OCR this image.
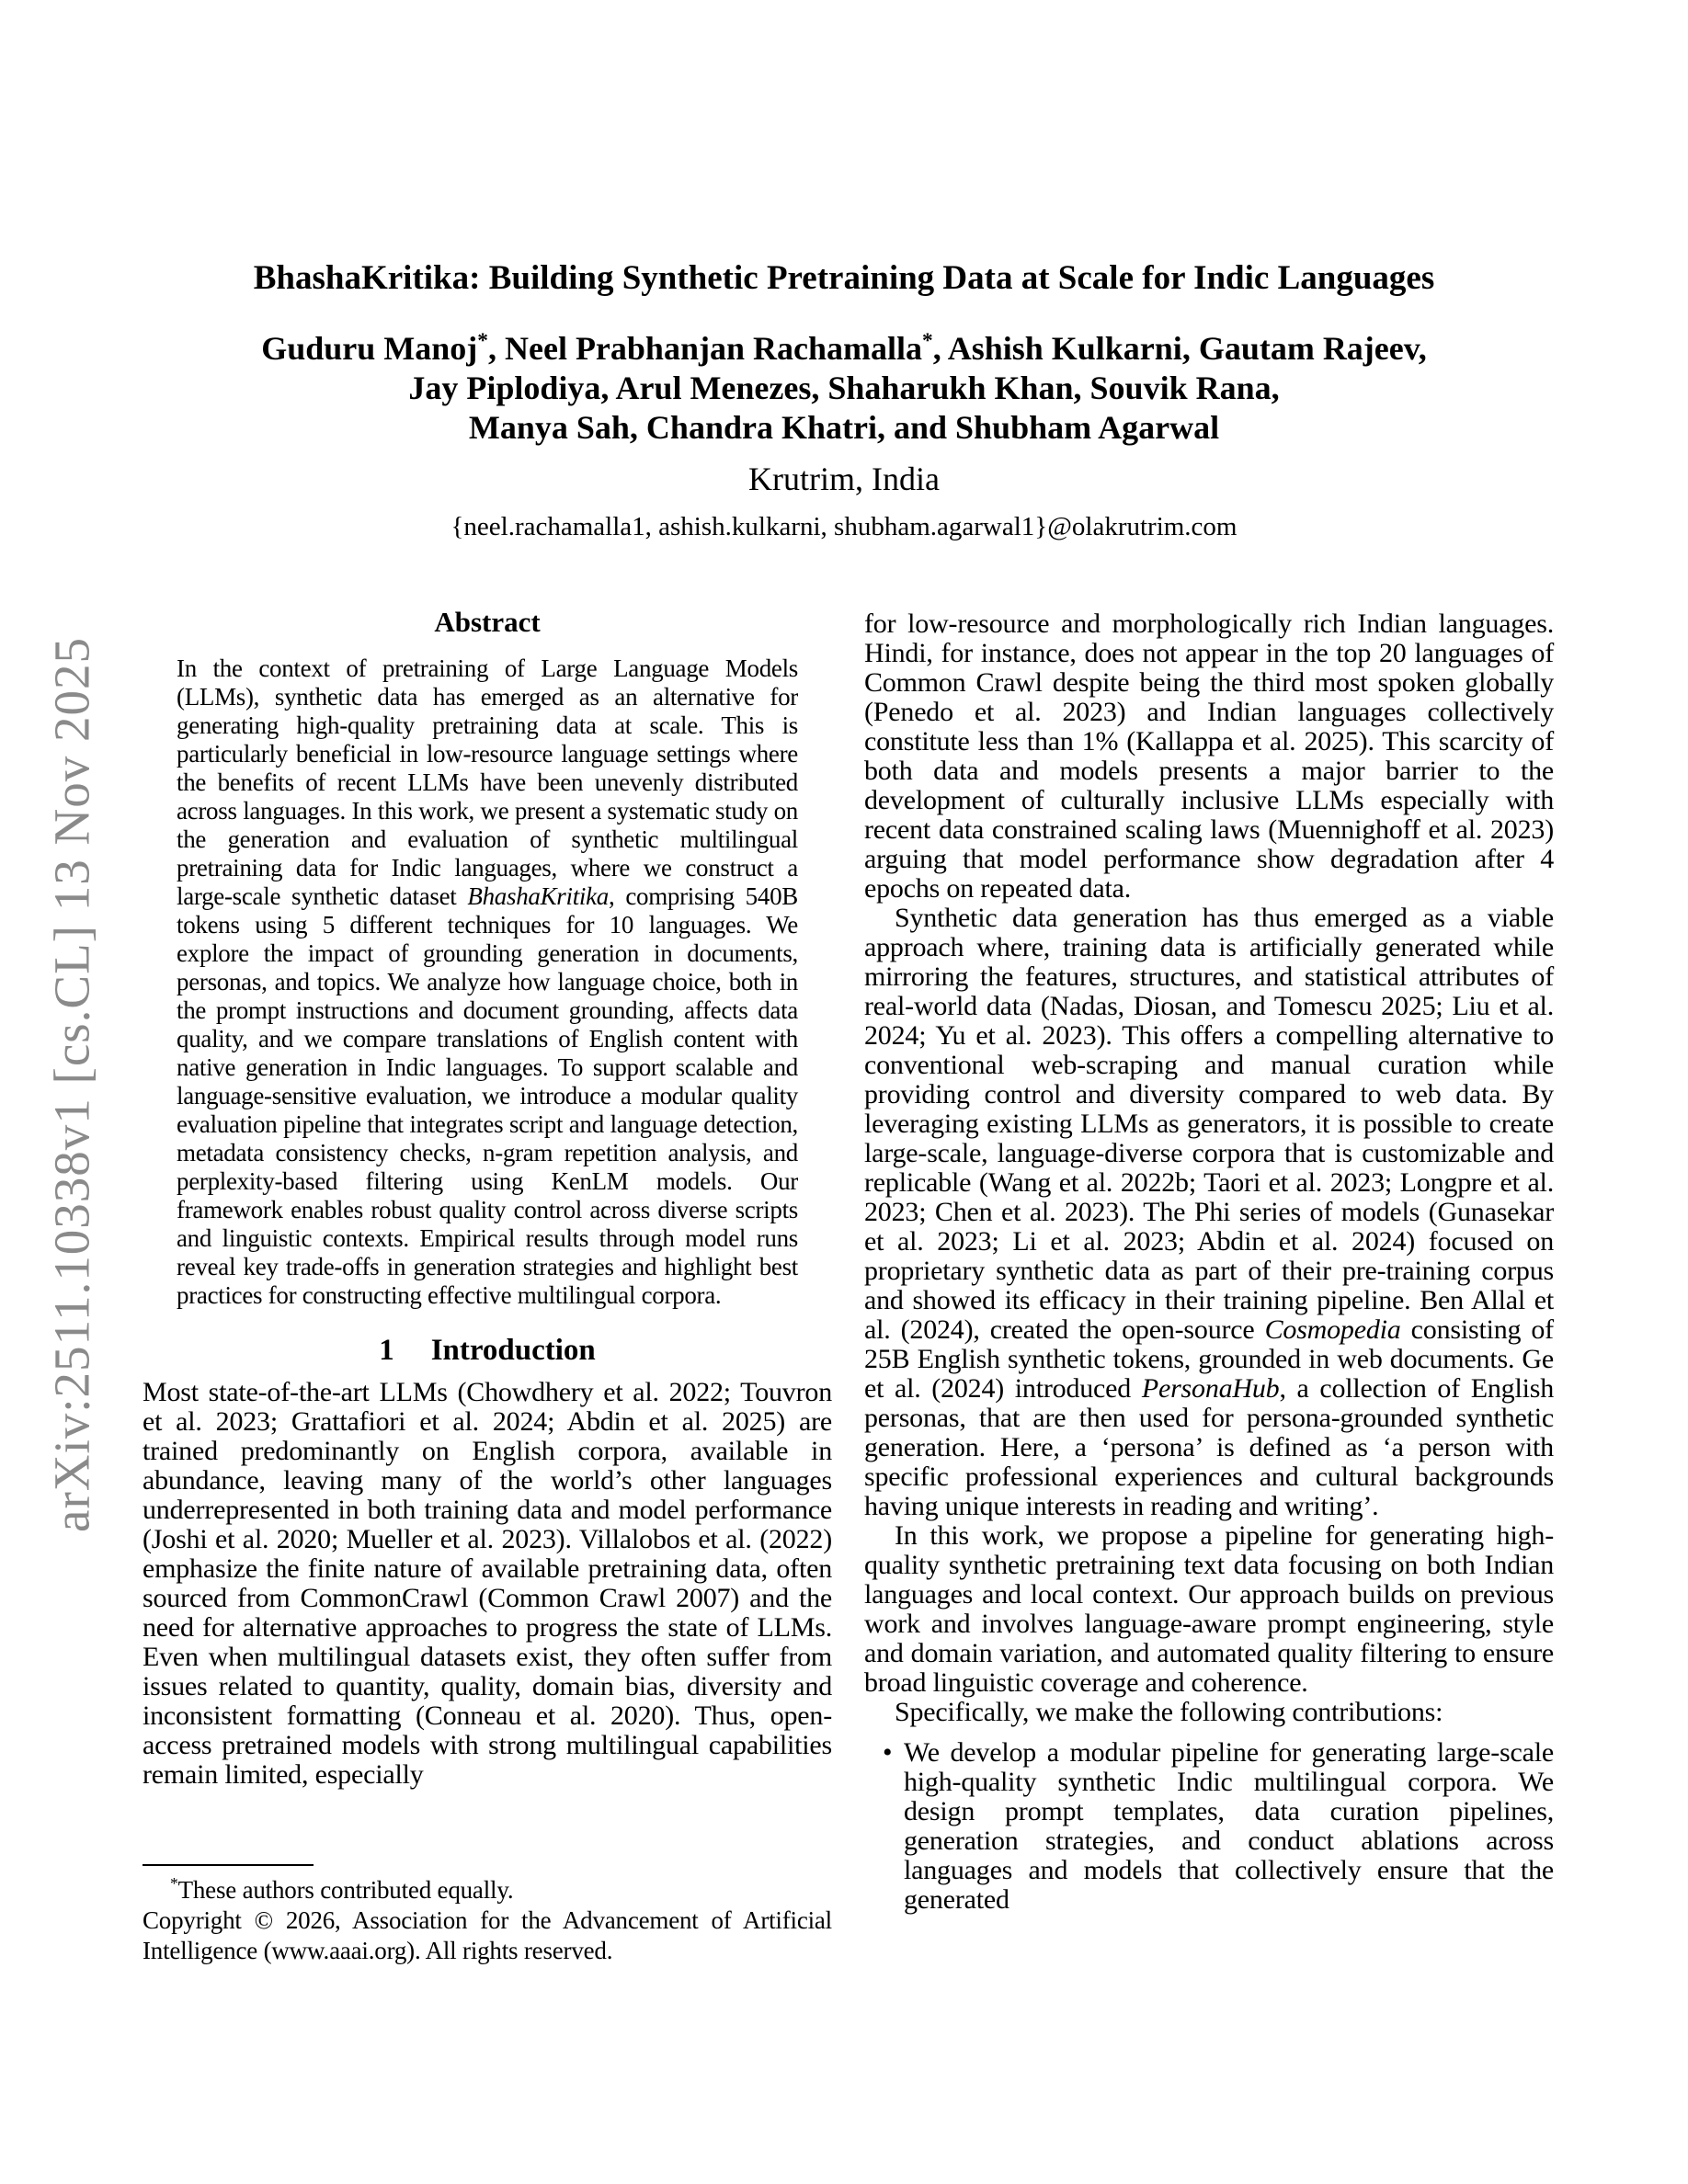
arXiv:2511.10338v1 [cs.CL] 13 Nov 2025
BhashaKritika: Building Synthetic Pretraining Data at Scale for Indic Languages
Guduru Manoj*, Neel Prabhanjan Rachamalla*, Ashish Kulkarni, Gautam Rajeev,
Jay Piplodiya, Arul Menezes, Shaharukh Khan, Souvik Rana,
Manya Sah, Chandra Khatri, and Shubham Agarwal
Krutrim, India
{neel.rachamalla1, ashish.kulkarni, shubham.agarwal1}@olakrutrim.com
Abstract

In the context of pretraining of Large Language Models (LLMs), synthetic data has emerged as an alternative for generating high-quality pretraining data at scale. This is particularly beneficial in low-resource language settings where the benefits of recent LLMs have been unevenly distributed across languages. In this work, we present a systematic study on the generation and evaluation of synthetic multilingual pretraining data for Indic languages, where we construct a large-scale synthetic dataset BhashaKritika, comprising 540B tokens using 5 different techniques for 10 languages. We explore the impact of grounding generation in documents, personas, and topics. We analyze how language choice, both in the prompt instructions and document grounding, affects data quality, and we compare translations of English content with native generation in Indic languages. To support scalable and language-sensitive evaluation, we introduce a modular quality evaluation pipeline that integrates script and language detection, metadata consistency checks, n-gram repetition analysis, and perplexity-based filtering using KenLM models. Our framework enables robust quality control across diverse scripts and linguistic contexts. Empirical results through model runs reveal key trade-offs in generation strategies and highlight best practices for constructing effective multilingual corpora.

1 Introduction

Most state-of-the-art LLMs (Chowdhery et al. 2022; Touvron et al. 2023; Grattafiori et al. 2024; Abdin et al. 2025) are trained predominantly on English corpora, available in abundance, leaving many of the world’s other languages underrepresented in both training data and model performance (Joshi et al. 2020; Mueller et al. 2023). Villalobos et al. (2022) emphasize the finite nature of available pretraining data, often sourced from CommonCrawl (Common Crawl 2007) and the need for alternative approaches to progress the state of LLMs. Even when multilingual datasets exist, they often suffer from issues related to quantity, quality, domain bias, diversity and inconsistent formatting (Conneau et al. 2020). Thus, open-access pretrained models with strong multilingual capabilities remain limited, especially

*These authors contributed equally.

Copyright © 2026, Association for the Advancement of Artificial Intelligence (www.aaai.org). All rights reserved.

for low-resource and morphologically rich Indian languages. Hindi, for instance, does not appear in the top 20 languages of Common Crawl despite being the third most spoken globally (Penedo et al. 2023) and Indian languages collectively constitute less than 1% (Kallappa et al. 2025). This scarcity of both data and models presents a major barrier to the development of culturally inclusive LLMs especially with recent data constrained scaling laws (Muennighoff et al. 2023) arguing that model performance show degradation after 4 epochs on repeated data.

Synthetic data generation has thus emerged as a viable approach where, training data is artificially generated while mirroring the features, structures, and statistical attributes of real-world data (Nadas, Diosan, and Tomescu 2025; Liu et al. 2024; Yu et al. 2023). This offers a compelling alternative to conventional web-scraping and manual curation while providing control and diversity compared to web data. By leveraging existing LLMs as generators, it is possible to create large-scale, language-diverse corpora that is customizable and replicable (Wang et al. 2022b; Taori et al. 2023; Longpre et al. 2023; Chen et al. 2023). The Phi series of models (Gunasekar et al. 2023; Li et al. 2023; Abdin et al. 2024) focused on proprietary synthetic data as part of their pre-training corpus and showed its efficacy in their training pipeline. Ben Allal et al. (2024), created the open-source Cosmopedia consisting of 25B English synthetic tokens, grounded in web documents. Ge et al. (2024) introduced PersonaHub, a collection of English personas, that are then used for persona-grounded synthetic generation. Here, a ‘persona’ is defined as ‘a person with specific professional experiences and cultural backgrounds having unique interests in reading and writing’.

In this work, we propose a pipeline for generating high-quality synthetic pretraining text data focusing on both Indian languages and local context. Our approach builds on previous work and involves language-aware prompt engineering, style and domain variation, and automated quality filtering to ensure broad linguistic coverage and coherence.

Specifically, we make the following contributions:

• We develop a modular pipeline for generating large-scale high-quality synthetic Indic multilingual corpora. We design prompt templates, data curation pipelines, generation strategies, and conduct ablations across languages and models that collectively ensure that the generated
